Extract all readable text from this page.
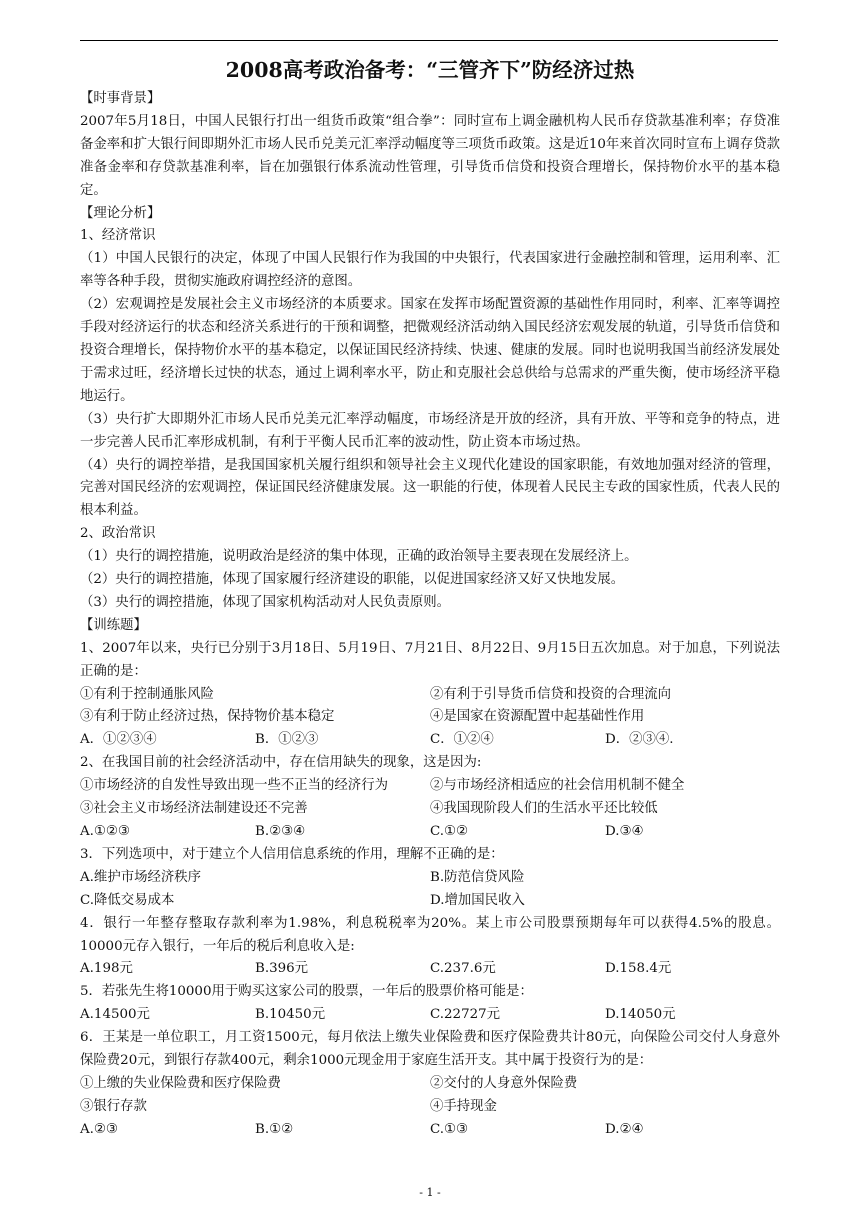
2008高考政治备考：“三管齐下”防经济过热

【时事背景】

2007年5月18日，中国人民银行打出一组货币政策“组合拳”：同时宣布上调金融机构人民币存贷款基准利率；存贷准备金率和扩大银行间即期外汇市场人民币兑美元汇率浮动幅度等三项货币政策。这是近10年来首次同时宣布上调存贷款准备金率和存贷款基准利率，旨在加强银行体系流动性管理，引导货币信贷和投资合理增长，保持物价水平的基本稳定。

【理论分析】

1、经济常识

（1）中国人民银行的决定，体现了中国人民银行作为我国的中央银行，代表国家进行金融控制和管理，运用利率、汇率等各种手段，贯彻实施政府调控经济的意图。

（2）宏观调控是发展社会主义市场经济的本质要求。国家在发挥市场配置资源的基础性作用同时，利率、汇率等调控手段对经济运行的状态和经济关系进行的干预和调整，把微观经济活动纳入国民经济宏观发展的轨道，引导货币信贷和投资合理增长，保持物价水平的基本稳定，以保证国民经济持续、快速、健康的发展。同时也说明我国当前经济发展处于需求过旺，经济增长过快的状态，通过上调利率水平，防止和克服社会总供给与总需求的严重失衡，使市场经济平稳地运行。

（3）央行扩大即期外汇市场人民币兑美元汇率浮动幅度，市场经济是开放的经济，具有开放、平等和竞争的特点，进一步完善人民币汇率形成机制，有利于平衡人民币汇率的波动性，防止资本市场过热。

（4）央行的调控举措，是我国国家机关履行组织和领导社会主义现代化建设的国家职能，有效地加强对经济的管理，完善对国民经济的宏观调控，保证国民经济健康发展。这一职能的行使，体现着人民民主专政的国家性质，代表人民的根本利益。

2、政治常识

（1）央行的调控措施，说明政治是经济的集中体现，正确的政治领导主要表现在发展经济上。

（2）央行的调控措施，体现了国家履行经济建设的职能，以促进国家经济又好又快地发展。

（3）央行的调控措施，体现了国家机构活动对人民负责原则。

【训练题】

1、2007年以来，央行已分别于3月18日、5月19日、7月21日、8月22日、9月15日五次加息。对于加息，下列说法正确的是：

①有利于控制通胀风险	②有利于引导货币信贷和投资的合理流向
③有利于防止经济过热，保持物价基本稳定	④是国家在资源配置中起基础性作用
A．①②③④	B．①②③	C．①②④	D．②③④.

2、在我国目前的社会经济活动中，存在信用缺失的现象，这是因为:

①市场经济的自发性导致出现一些不正当的经济行为	②与市场经济相适应的社会信用机制不健全
③社会主义市场经济法制建设还不完善	④我国现阶段人们的生活水平还比较低
A.①②③	B.②③④	C.①②	D.③④

3．下列选项中，对于建立个人信用信息系统的作用，理解不正确的是：

A.维护市场经济秩序	B.防范信贷风险
C.降低交易成本	D.增加国民收入

4．银行一年整存整取存款利率为1.98%，利息税税率为20%。某上市公司股票预期每年可以获得4.5%的股息。10000元存入银行，一年后的税后利息收入是:

A.198元	B.396元	C.237.6元	D.158.4元

5．若张先生将10000用于购买这家公司的股票，一年后的股票价格可能是：

A.14500元	B.10450元	C.22727元	D.14050元

6．王某是一单位职工，月工资1500元，每月依法上缴失业保险费和医疗保险费共计80元，向保险公司交付人身意外保险费20元，到银行存款400元，剩余1000元现金用于家庭生活开支。其中属于投资行为的是：

①上缴的失业保险费和医疗保险费	②交付的人身意外保险费
③银行存款	④手持现金
A.②③	B.①②	C.①③	D.②④
- 1 -
